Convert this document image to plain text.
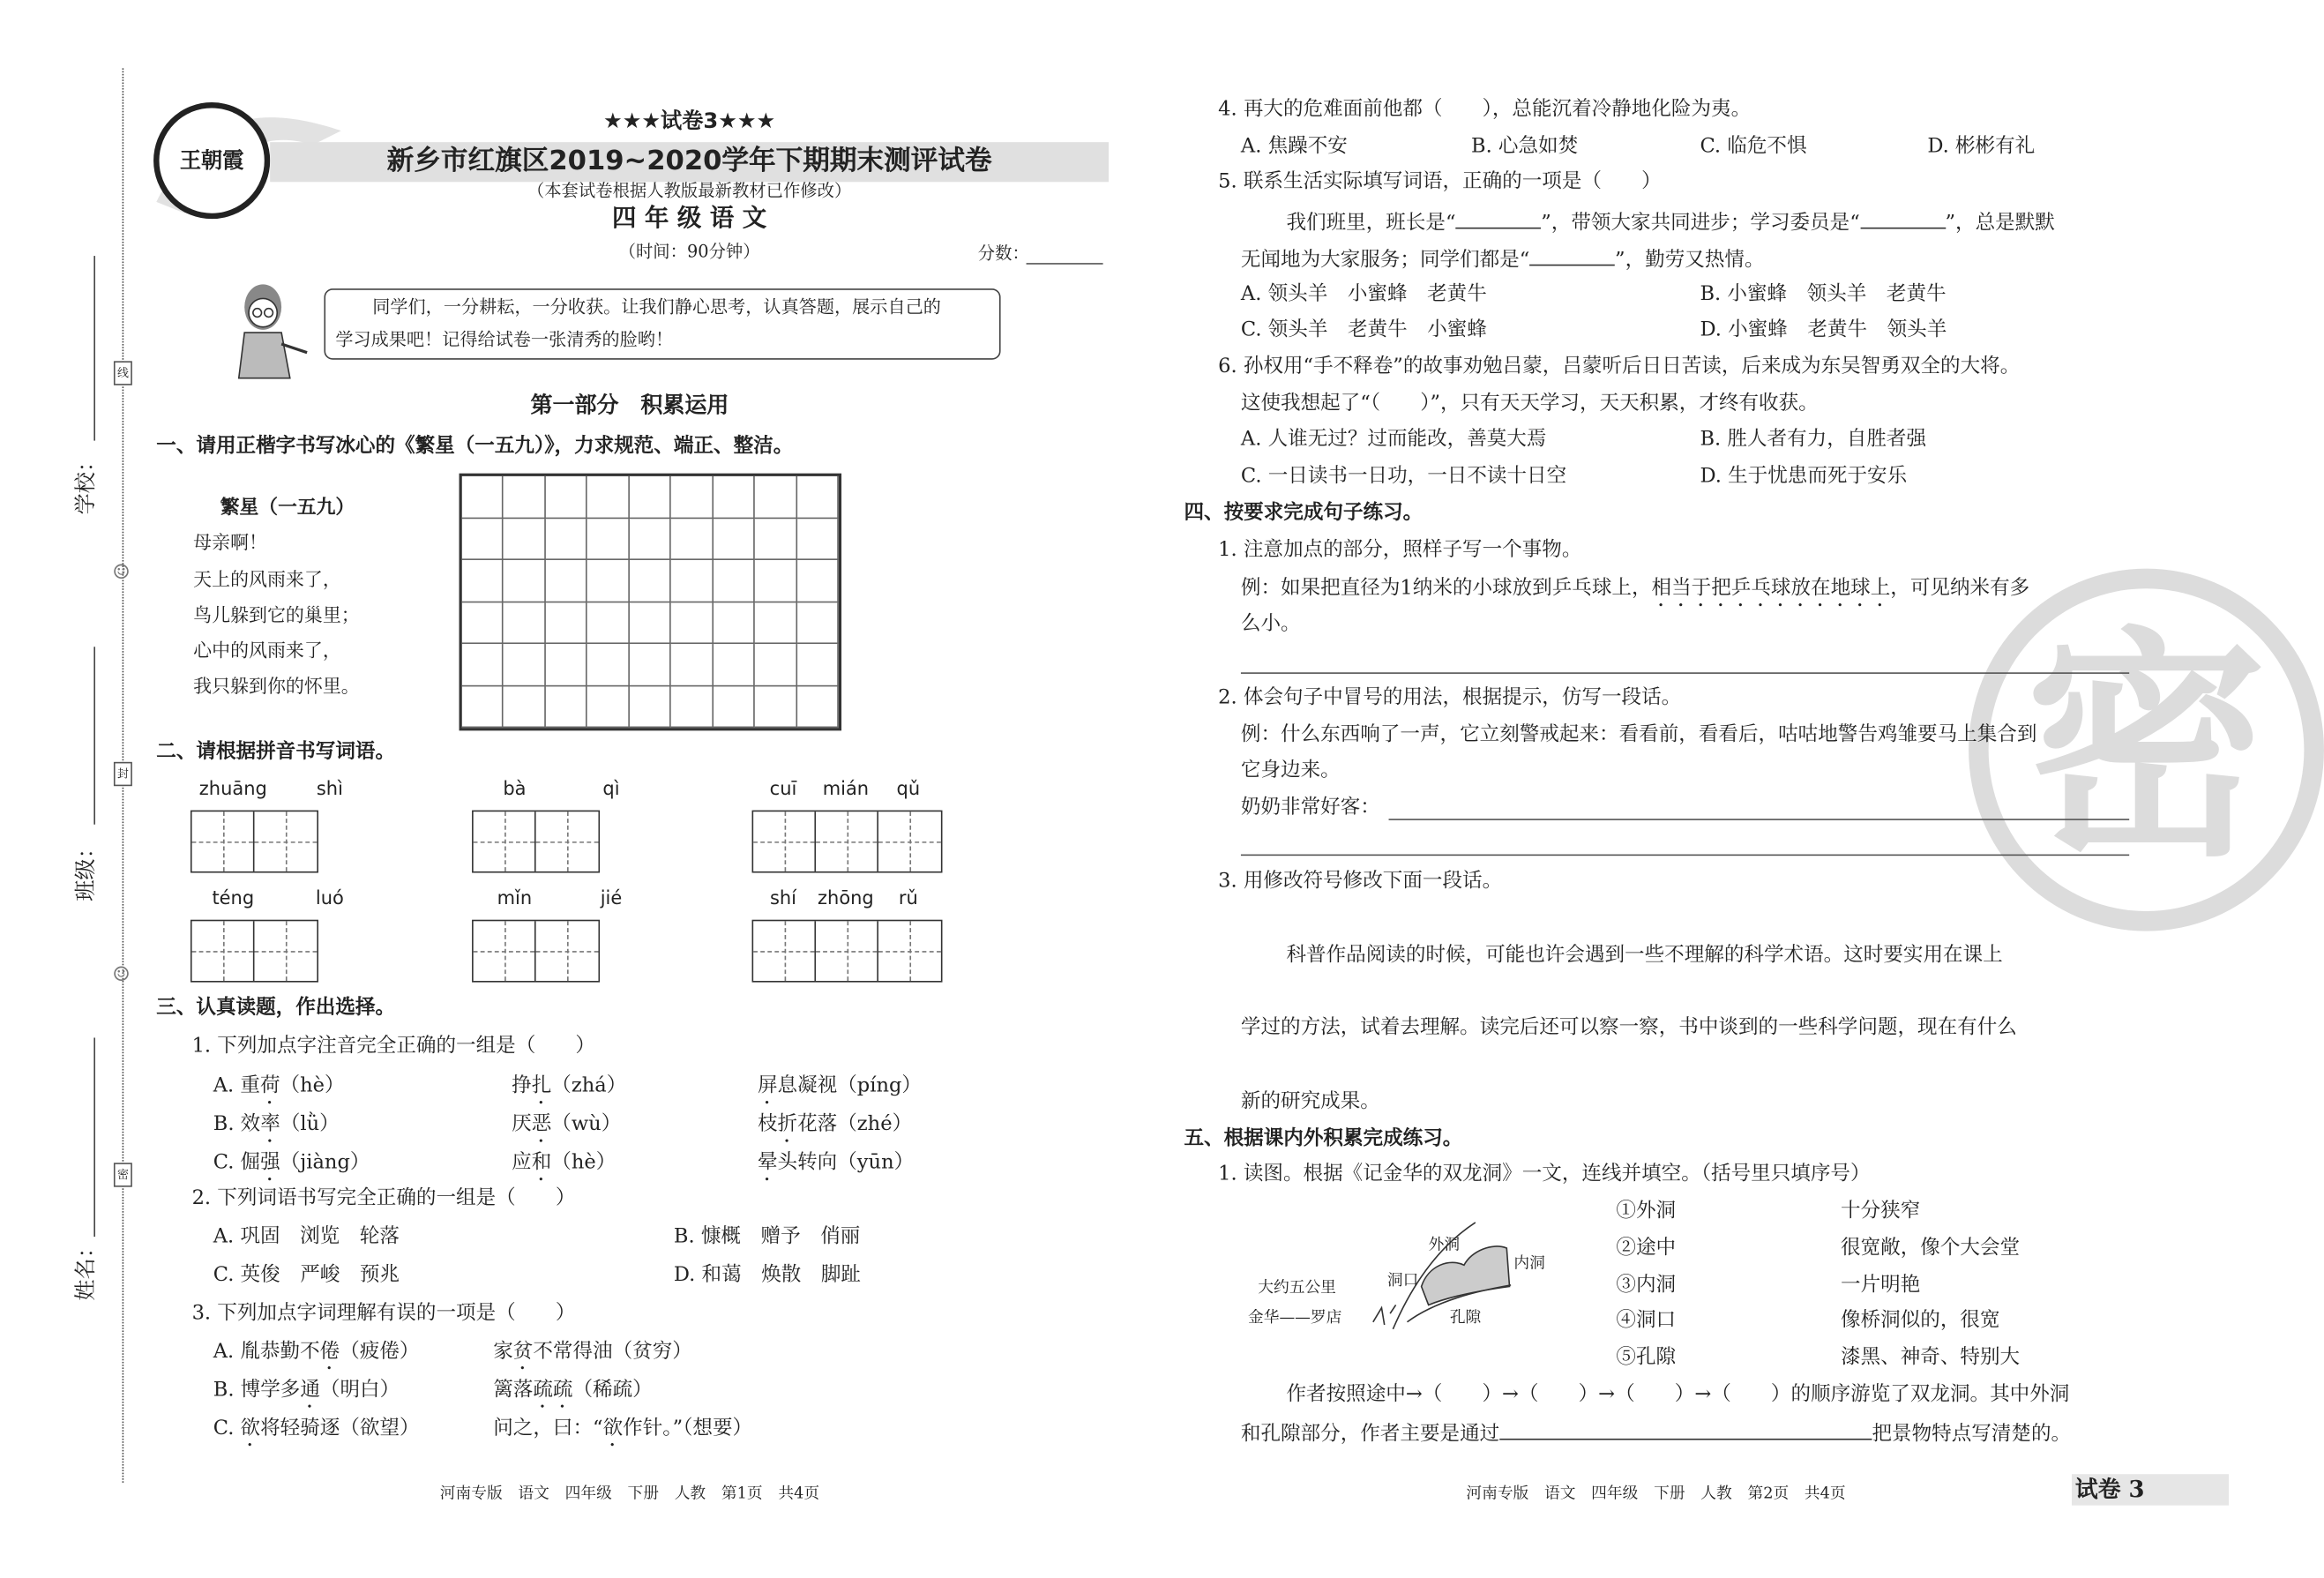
学校：
班级：
姓名：
线
封
密
☺
☺
王朝霞
★★★试卷3★★★
新乡市红旗区2019~2020学年下期期末测评试卷
（本套试卷根据人教版最新教材已作修改）
四 年 级 语 文
（时间：90分钟）	分数：
同学们，一分耕耘，一分收获。让我们静心思考，认真答题，展示自己的
学习成果吧！记得给试卷一张清秀的脸哟！
第一部分　积累运用
一、请用正楷字书写冰心的《繁星（一五九）》，力求规范、端正、整洁。
繁星（一五九）
母亲啊！
天上的风雨来了，
鸟儿躲到它的巢里；
心中的风雨来了，
我只躲到你的怀里。
二、请根据拼音书写词语。
三、认真读题，作出选择。
1. 下列加点字注音完全正确的一组是（　　）
2. 下列词语书写完全正确的一组是（　　）
A. 巩固　浏览　轮落	B. 慷概　赠予　俏丽
C. 英俊　严峻　预兆	D. 和蔼　焕散　脚趾
3. 下列加点字词理解有误的一项是（　　）
河南专版　语文　四年级　下册　人教　第1页　共4页
4. 再大的危难面前他都（　　），总能沉着冷静地化险为夷。
A. 焦躁不安	B. 心急如焚	C. 临危不惧	D. 彬彬有礼
5. 联系生活实际填写词语，正确的一项是（　　）
我们班里，班长是“	”，带领大家共同进步；学习委员是“	”，总是默默
无闻地为大家服务；同学们都是“	”，勤劳又热情。
A. 领头羊　小蜜蜂　老黄牛	B. 小蜜蜂　领头羊　老黄牛
C. 领头羊　老黄牛　小蜜蜂	D. 小蜜蜂　老黄牛　领头羊
6. 孙权用“手不释卷”的故事劝勉吕蒙，吕蒙听后日日苦读，后来成为东吴智勇双全的大将。
这使我想起了“（　　）”，只有天天学习，天天积累，才终有收获。
A. 人谁无过？过而能改，善莫大焉	B. 胜人者有力，自胜者强
C. 一日读书一日功，一日不读十日空	D. 生于忧患而死于安乐
密
四、按要求完成句子练习。
1. 注意加点的部分，照样子写一个事物。
例：如果把直径为1纳米的小球放到乒乓球上，相当于把乒乓球放在地球上，可见纳米有多
么小。
2. 体会句子中冒号的用法，根据提示，仿写一段话。
例：什么东西响了一声，它立刻警戒起来：看看前，看看后，咕咕地警告鸡雏要马上集合到
它身边来。
奶奶非常好客：
3. 用修改符号修改下面一段话。
科普作品阅读的时候，可能也许会遇到一些不理解的科学术语。这时要实用在课上
学过的方法，试着去理解。读完后还可以察一察，书中谈到的一些科学问题，现在有什么
新的研究成果。
五、根据课内外积累完成练习。
1. 读图。根据《记金华的双龙洞》一文，连线并填空。（括号里只填序号）
大约五公里
金华——罗店
外洞
内洞
洞口
孔隙
作者按照途中→（　　）→（　　）→（　　）→（　　）的顺序游览了双龙洞。其中外洞
和孔隙部分，作者主要是通过	把景物特点写清楚的。
河南专版　语文　四年级　下册　人教　第2页　共4页	试卷 3
zhuāng	shì	bà	qì	cuī	mián	qǔ
téng	luó	mǐn	jié	shí	zhōng	rǔ
A. 重荷（hè）	挣扎（zhá）	屏息凝视（píng）
B. 效率（lǜ）	厌恶（wù）	枝折花落（zhé）
C. 倔强（jiàng）	应和（hè）	晕头转向（yūn）
A. 胤恭勤不倦（疲倦）	家贫不常得油（贫穷）
B. 博学多通（明白）	篱落疏疏（稀疏）
C. 欲将轻骑逐（欲望）	问之，曰：“欲作针。”（想要）
①外洞	十分狭窄
②途中	很宽敞，像个大会堂
③内洞	一片明艳
④洞口	像桥洞似的，很宽
⑤孔隙	漆黑、神奇、特别大
